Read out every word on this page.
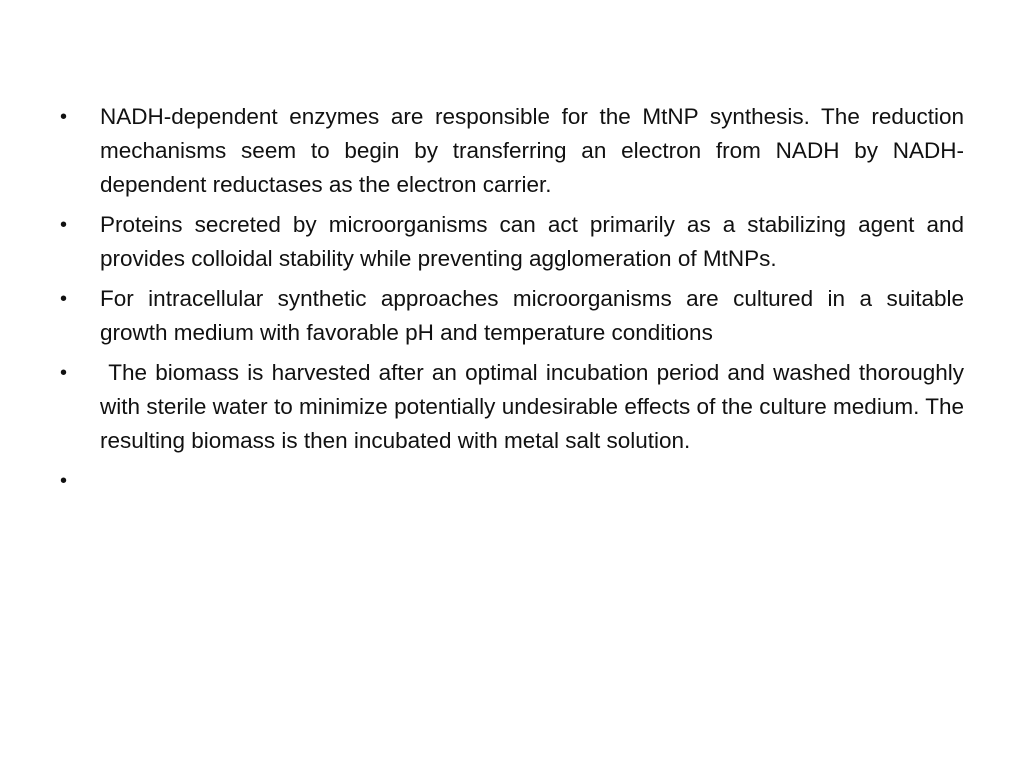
•	NADH-dependent enzymes are responsible for the MtNP synthesis. The reduction mechanisms seem to begin by transferring an electron from NADH by NADH-dependent reductases as the electron carrier.
•	Proteins secreted by microorganisms can act primarily as a stabilizing agent and provides colloidal stability while preventing agglomeration of MtNPs.
•	For intracellular synthetic approaches microorganisms are cultured in a suitable growth medium with favorable pH and temperature conditions
•	The biomass is harvested after an optimal incubation period and washed thoroughly with sterile water to minimize potentially undesirable effects of the culture medium. The resulting biomass is then incubated with metal salt solution.
•
